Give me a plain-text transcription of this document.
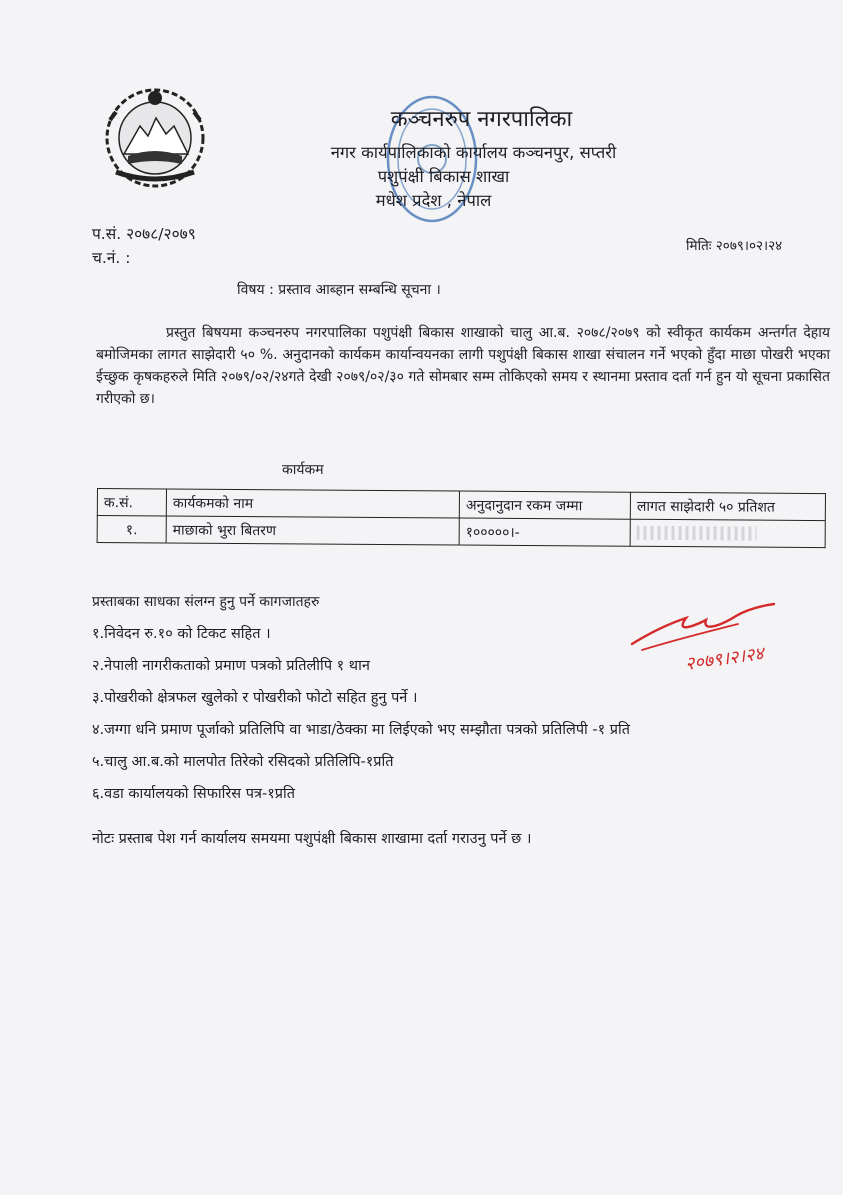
कञ्चनरुप नगरपालिका
नगर कार्यपालिकाको कार्यालय कञ्चनपुर, सप्तरी
पशुपंक्षी बिकास शाखा
मधेश प्रदेश , नेपाल
प.सं. २०७८/२०७९
च.नं. :
मितिः २०७९।०२।२४
विषय : प्रस्ताव आब्हान सम्बन्धि सूचना ।
प्रस्तुत बिषयमा कञ्चनरुप नगरपालिका पशुपंक्षी बिकास शाखाको चालु आ.ब. २०७८/२०७९ को स्वीकृत कार्यकम अन्तर्गत देहाय बमोजिमका लागत साझेदारी ५० %. अनुदानको कार्यकम कार्यान्वयनका लागी पशुपंक्षी बिकास शाखा संचालन गर्ने भएको हुँदा माछा पोखरी भएका ईच्छुक कृषकहरुले मिति २०७९/०२/२४गते देखी २०७९/०२/३० गते सोमबार सम्म तोकिएको समय र स्थानमा प्रस्ताव दर्ता गर्न हुन यो सूचना प्रकासित गरीएको छ।
कार्यकम
क.सं.	कार्यकमको नाम	अनुदानुदान रकम जम्मा	लागत साझेदारी ५० प्रतिशत
१.	माछाको भुरा बितरण	१०००००।-	
प्रस्ताबका साधका संलग्न हुनु पर्ने कागजातहरु
१.निवेदन रु.१० को टिकट सहित ।
२.नेपाली नागरीकताको प्रमाण पत्रको प्रतिलीपि १ थान
३.पोखरीको क्षेत्रफल खुलेको र पोखरीको फोटो सहित हुनु पर्ने ।
४.जग्गा धनि प्रमाण पूर्जाको प्रतिलिपि वा भाडा/ठेक्का मा लिईएको भए सम्झौता पत्रको प्रतिलिपी -१ प्रति
५.चालु आ.ब.को मालपोत तिरेको रसिदको प्रतिलिपि-१प्रति
६.वडा कार्यालयको सिफारिस पत्र-१प्रति
नोटः प्रस्ताब पेश गर्न कार्यालय समयमा पशुपंक्षी बिकास शाखामा दर्ता गराउनु पर्ने छ ।
२०७९।२।२४
